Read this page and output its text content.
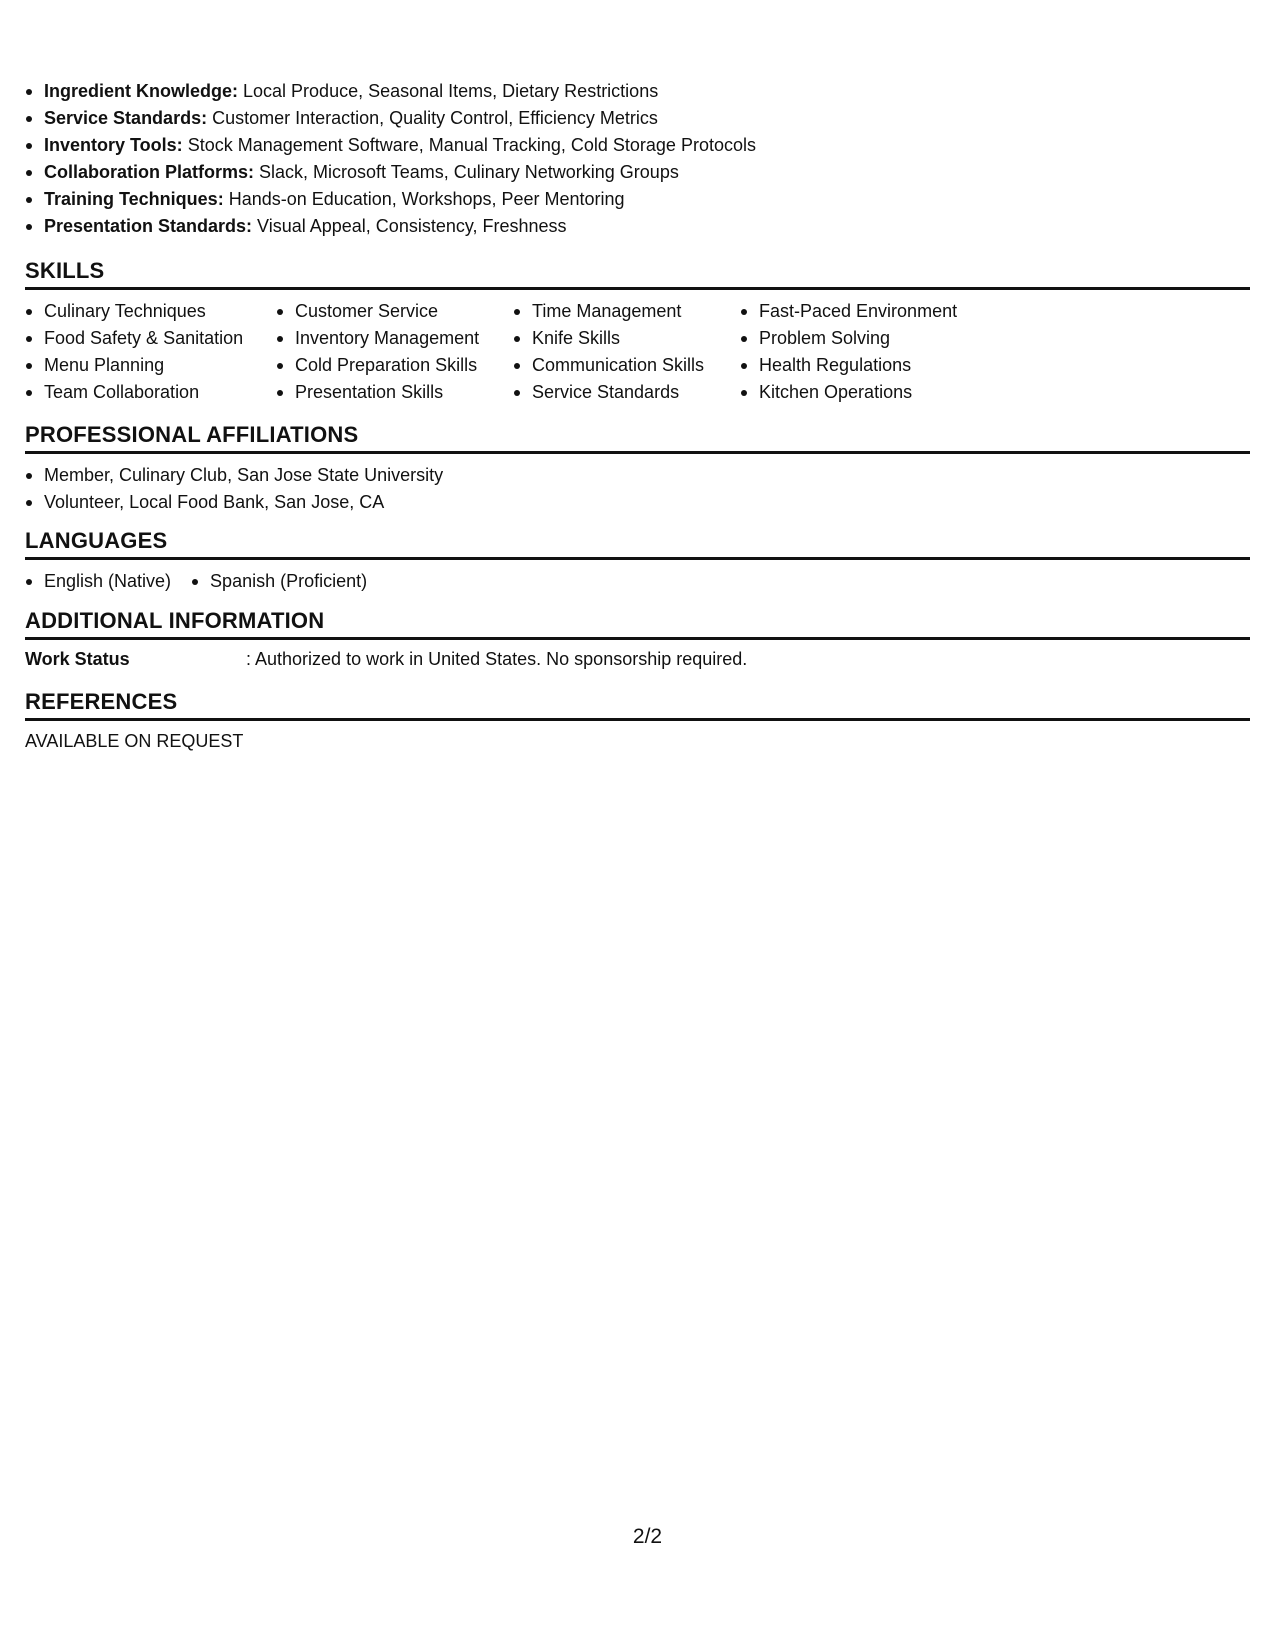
Ingredient Knowledge: Local Produce, Seasonal Items, Dietary Restrictions
Service Standards: Customer Interaction, Quality Control, Efficiency Metrics
Inventory Tools: Stock Management Software, Manual Tracking, Cold Storage Protocols
Collaboration Platforms: Slack, Microsoft Teams, Culinary Networking Groups
Training Techniques: Hands-on Education, Workshops, Peer Mentoring
Presentation Standards: Visual Appeal, Consistency, Freshness
SKILLS
Culinary Techniques
Food Safety & Sanitation
Menu Planning
Team Collaboration
Customer Service
Inventory Management
Cold Preparation Skills
Presentation Skills
Time Management
Knife Skills
Communication Skills
Service Standards
Fast-Paced Environment
Problem Solving
Health Regulations
Kitchen Operations
PROFESSIONAL AFFILIATIONS
Member, Culinary Club, San Jose State University
Volunteer, Local Food Bank, San Jose, CA
LANGUAGES
English (Native)	Spanish (Proficient)
ADDITIONAL INFORMATION
Work Status	: Authorized to work in United States. No sponsorship required.
REFERENCES
AVAILABLE ON REQUEST
2/2
